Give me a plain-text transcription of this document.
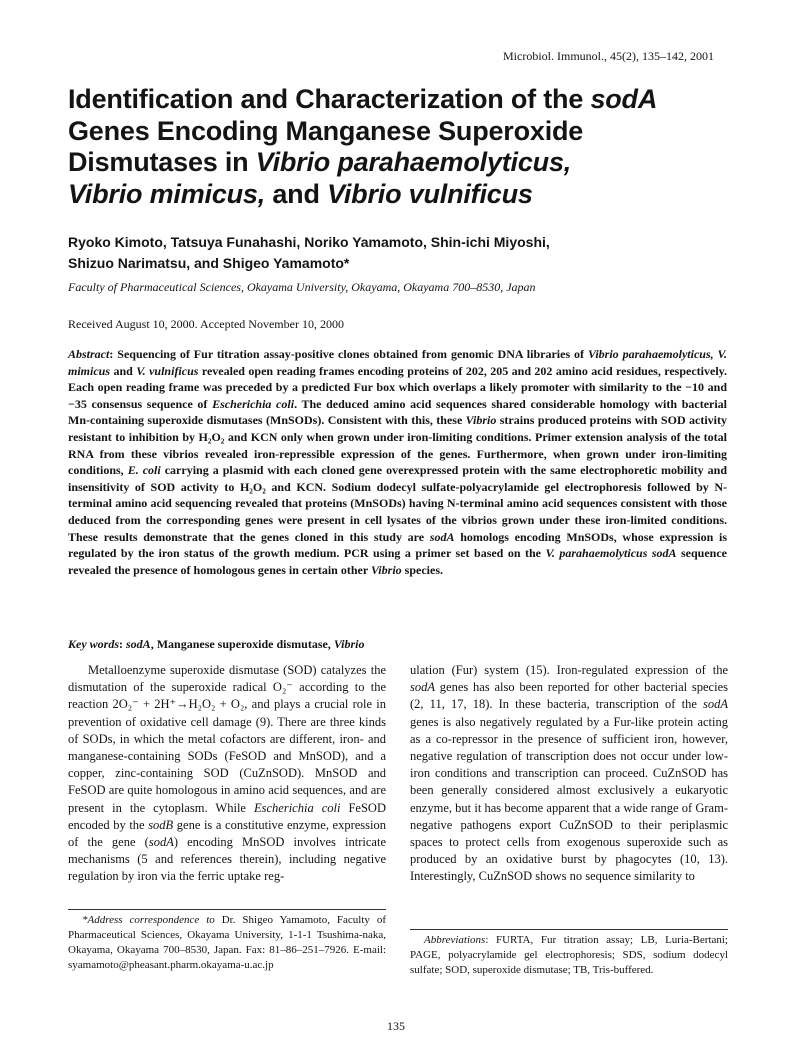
Microbiol. Immunol., 45(2), 135–142, 2001
Identification and Characterization of the sodA
Genes Encoding Manganese Superoxide
Dismutases in Vibrio parahaemolyticus,
Vibrio mimicus, and Vibrio vulnificus

Ryoko Kimoto, Tatsuya Funahashi, Noriko Yamamoto, Shin-ichi Miyoshi,
Shizuo Narimatsu, and Shigeo Yamamoto*

Faculty of Pharmaceutical Sciences, Okayama University, Okayama, Okayama 700–8530, Japan
Received August 10, 2000. Accepted November 10, 2000

Abstract: Sequencing of Fur titration assay-positive clones obtained from genomic DNA libraries of Vibrio parahaemolyticus, V. mimicus and V. vulnificus revealed open reading frames encoding proteins of 202, 205 and 202 amino acid residues, respectively. Each open reading frame was preceded by a predicted Fur box which overlaps a likely promoter with similarity to the −10 and −35 consensus sequence of Escherichia coli. The deduced amino acid sequences shared considerable homology with bacterial Mn-containing superoxide dismutases (MnSODs). Consistent with this, these Vibrio strains produced proteins with SOD activity resistant to inhibition by H₂O₂ and KCN only when grown under iron-limiting conditions. Primer extension analysis of the total RNA from these vibrios revealed iron-repressible expression of the genes. Furthermore, when grown under iron-limiting conditions, E. coli carrying a plasmid with each cloned gene overexpressed protein with the same electrophoretic mobility and insensitivity of SOD activity to H₂O₂ and KCN. Sodium dodecyl sulfate-polyacrylamide gel electrophoresis followed by N-terminal amino acid sequencing revealed that proteins (MnSODs) having N-terminal amino acid sequences consistent with those deduced from the corresponding genes were present in cell lysates of the vibrios grown under these iron-limited conditions. These results demonstrate that the genes cloned in this study are sodA homologs encoding MnSODs, whose expression is regulated by the iron status of the growth medium. PCR using a primer set based on the V. parahaemolyticus sodA sequence revealed the presence of homologous genes in certain other Vibrio species.

Key words: sodA, Manganese superoxide dismutase, Vibrio

Metalloenzyme superoxide dismutase (SOD) catalyzes the dismutation of the superoxide radical O₂⁻ according to the reaction 2O₂⁻ + 2H⁺→H₂O₂ + O₂, and plays a crucial role in prevention of oxidative cell damage (9). There are three kinds of SODs, in which the metal cofactors are different, iron- and manganese-containing SODs (FeSOD and MnSOD), and a copper, zinc-containing SOD (CuZnSOD). MnSOD and FeSOD are quite homologous in amino acid sequences, and are present in the cytoplasm. While Escherichia coli FeSOD encoded by the sodB gene is a constitutive enzyme, expression of the gene (sodA) encoding MnSOD involves intricate mechanisms (5 and references therein), including negative regulation by iron via the ferric uptake reg-

ulation (Fur) system (15). Iron-regulated expression of the sodA genes has also been reported for other bacterial species (2, 11, 17, 18). In these bacteria, transcription of the sodA genes is also negatively regulated by a Fur-like protein acting as a co-repressor in the presence of sufficient iron, however, negative regulation of transcription does not occur under low-iron conditions and transcription can proceed. CuZnSOD has been generally considered almost exclusively a eukaryotic enzyme, but it has become apparent that a wide range of Gram-negative pathogens export CuZnSOD to their periplasmic spaces to protect cells from exogenous superoxide such as produced by an oxidative burst by phagocytes (10, 13). Interestingly, CuZnSOD shows no sequence similarity to

*Address correspondence to Dr. Shigeo Yamamoto, Faculty of Pharmaceutical Sciences, Okayama University, 1-1-1 Tsushima-naka, Okayama, Okayama 700–8530, Japan. Fax: 81–86–251–7926. E-mail: syamamoto@pheasant.pharm.okayama-u.ac.jp

Abbreviations: FURTA, Fur titration assay; LB, Luria-Bertani; PAGE, polyacrylamide gel electrophoresis; SDS, sodium dodecyl sulfate; SOD, superoxide dismutase; TB, Tris-buffered.

135
